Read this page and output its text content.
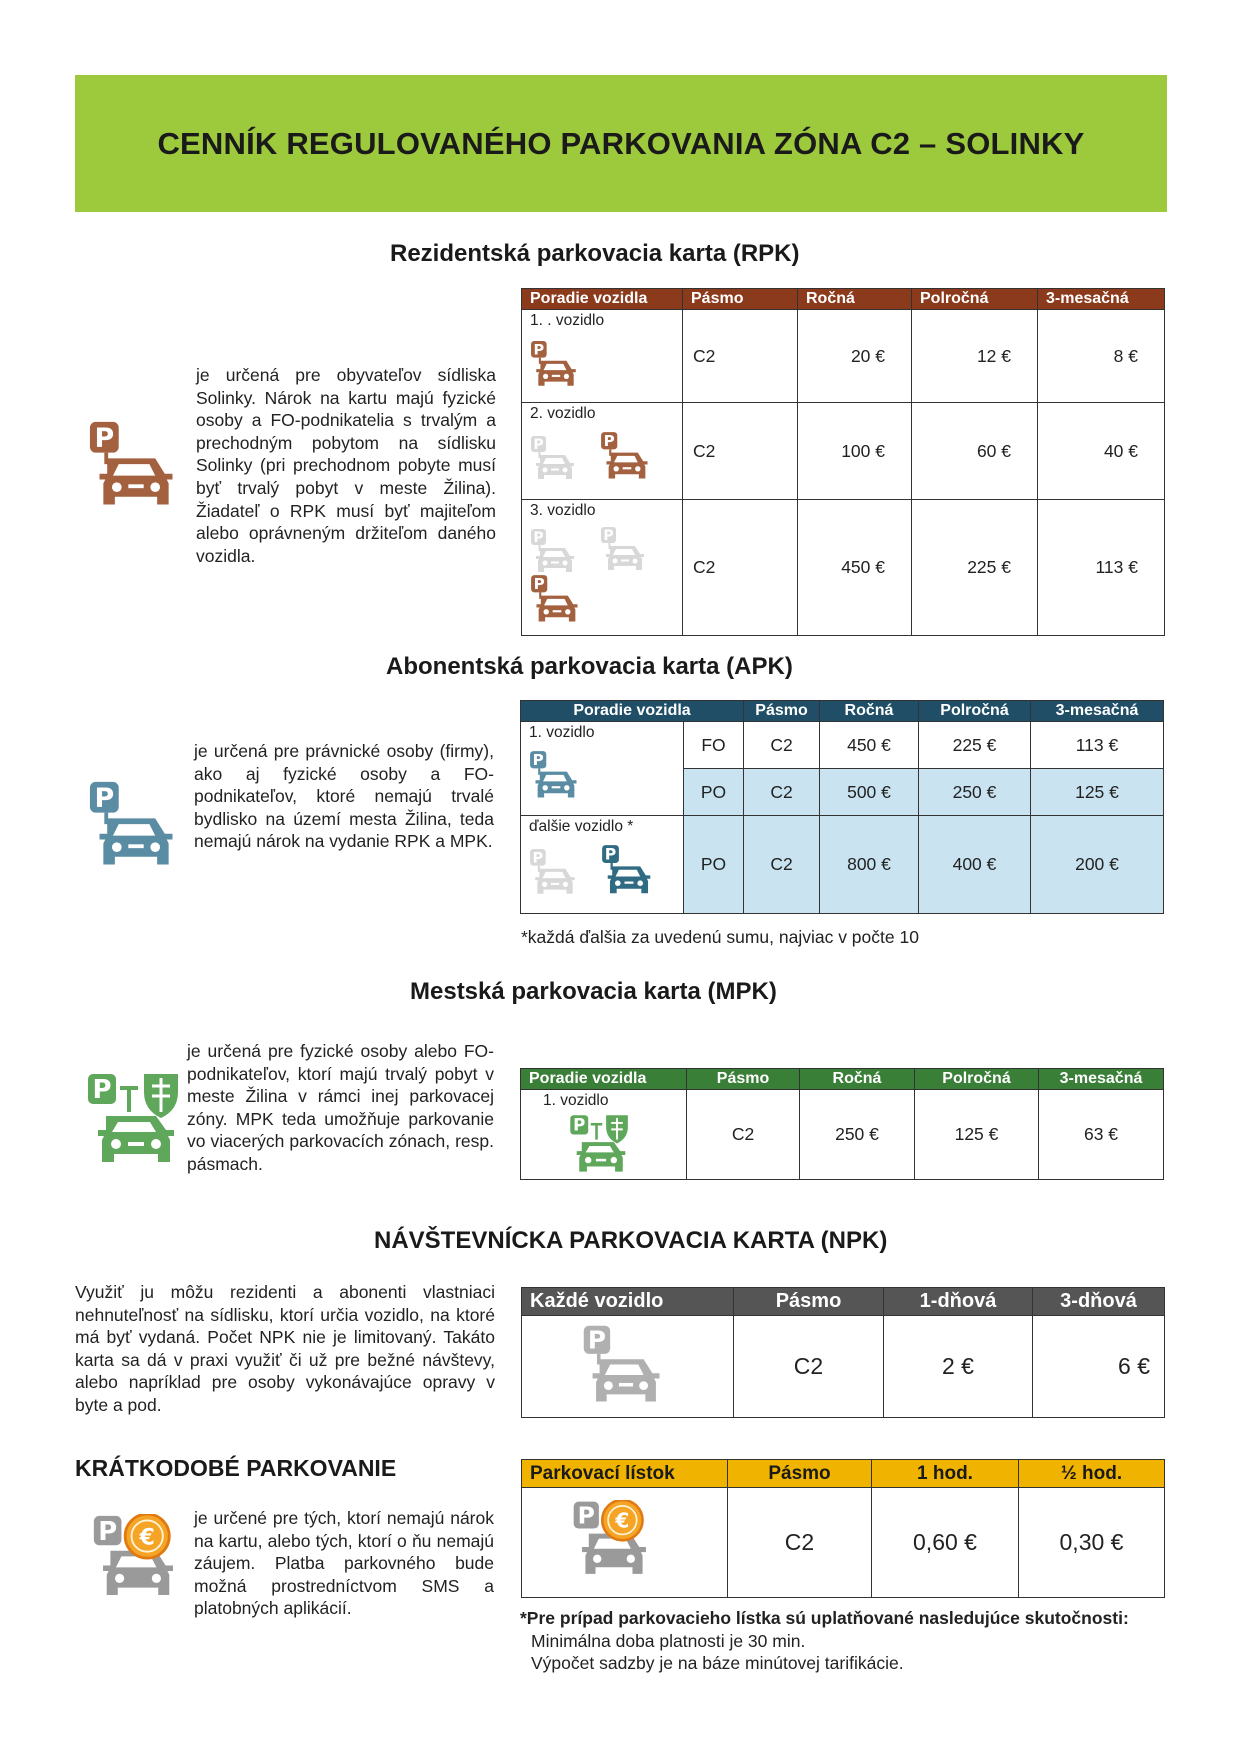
CENNÍK REGULOVANÉHO PARKOVANIA ZÓNA C2 – SOLINKY
Rezidentská parkovacia karta (RPK)
je určená pre obyvateľov sídliska Solinky. Nárok na kartu majú fyzické osoby a FO-podnikatelia s trvalým a prechodným pobytom na sídlisku Solinky (pri prechodnom pobyte musí byť trvalý pobyt v meste Žilina). Žiadateľ o RPK musí byť majiteľom alebo oprávneným držiteľom daného vozidla.
Poradie vozidla	Pásmo	Ročná	Polročná	3-mesačná
1. . vozidlo	C2	20 €	12 €	8 €
2. vozidlo	C2	100 €	60 €	40 €
3. vozidlo	C2	450 €	225 €	113 €
Abonentská parkovacia karta (APK)
je určená pre právnické osoby (firmy), ako aj fyzické osoby a FO-podnikateľov, ktoré nemajú trvalé bydlisko na území mesta Žilina, teda nemajú nárok na vydanie RPK a MPK.
Poradie vozidla		Pásmo	Ročná	Polročná	3-mesačná
1. vozidlo	FO	C2	450 €	225 €	113 €
	PO	C2	500 €	250 €	125 €
ďalšie vozidlo *	PO	C2	800 €	400 €	200 €
*každá ďalšia za uvedenú sumu, najviac v počte 10
Mestská parkovacia karta (MPK)
je určená pre fyzické osoby alebo FO-podnikateľov, ktorí majú trvalý pobyt v meste Žilina v rámci inej parkovacej zóny. MPK teda umožňuje parkovanie vo viacerých parkovacích zónach, resp. pásmach.
Poradie vozidla	Pásmo	Ročná	Polročná	3-mesačná
1. vozidlo	C2	250 €	125 €	63 €
NÁVŠTEVNÍCKA PARKOVACIA KARTA (NPK)
Využiť ju môžu rezidenti a abonenti vlastniaci nehnuteľnosť na sídlisku, ktorí určia vozidlo, na ktoré má byť vydaná. Počet NPK nie je limitovaný. Takáto karta sa dá v praxi využiť či už pre bežné návštevy, alebo napríklad pre osoby vykonávajúce opravy v byte a pod.
Každé vozidlo	Pásmo	1-dňová	3-dňová

	C2	2 €	6 €
KRÁTKODOBÉ PARKOVANIE
je určené pre tých, ktorí nemajú nárok na kartu, alebo tých, ktorí o ňu nemajú záujem. Platba parkovného bude možná prostredníctvom SMS a platobných aplikácií.
Parkovací lístok	Pásmo	1 hod.	½ hod.

	C2	0,60 €	0,30 €
*Pre prípad parkovacieho lístka sú uplatňované nasledujúce skutočnosti:
Minimálna doba platnosti je 30 min.
Výpočet sadzby je na báze minútovej tarifikácie.
